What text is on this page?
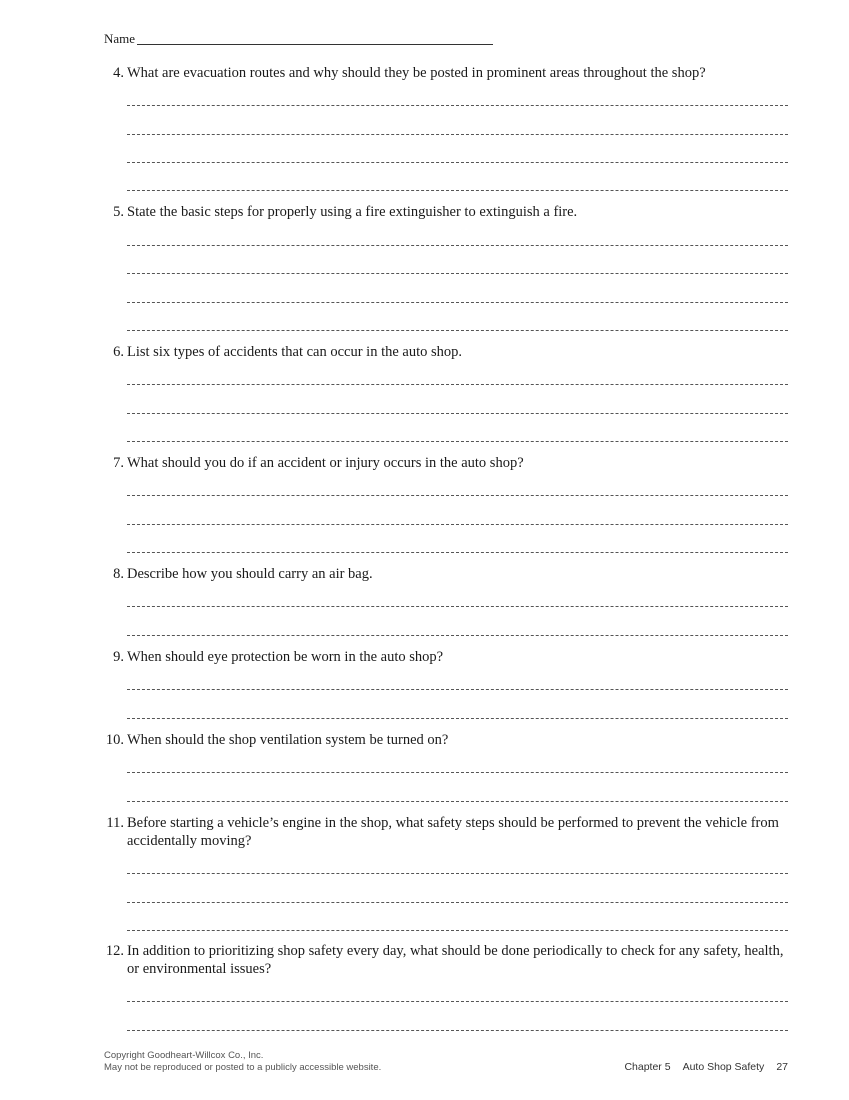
Name
4. What are evacuation routes and why should they be posted in prominent areas throughout the shop?
5. State the basic steps for properly using a fire extinguisher to extinguish a fire.
6. List six types of accidents that can occur in the auto shop.
7. What should you do if an accident or injury occurs in the auto shop?
8. Describe how you should carry an air bag.
9. When should eye protection be worn in the auto shop?
10. When should the shop ventilation system be turned on?
11. Before starting a vehicle’s engine in the shop, what safety steps should be performed to prevent the vehicle from accidentally moving?
12. In addition to prioritizing shop safety every day, what should be done periodically to check for any safety, health, or environmental issues?
Copyright Goodheart-Willcox Co., Inc.
May not be reproduced or posted to a publicly accessible website.	Chapter 5 Auto Shop Safety 27
